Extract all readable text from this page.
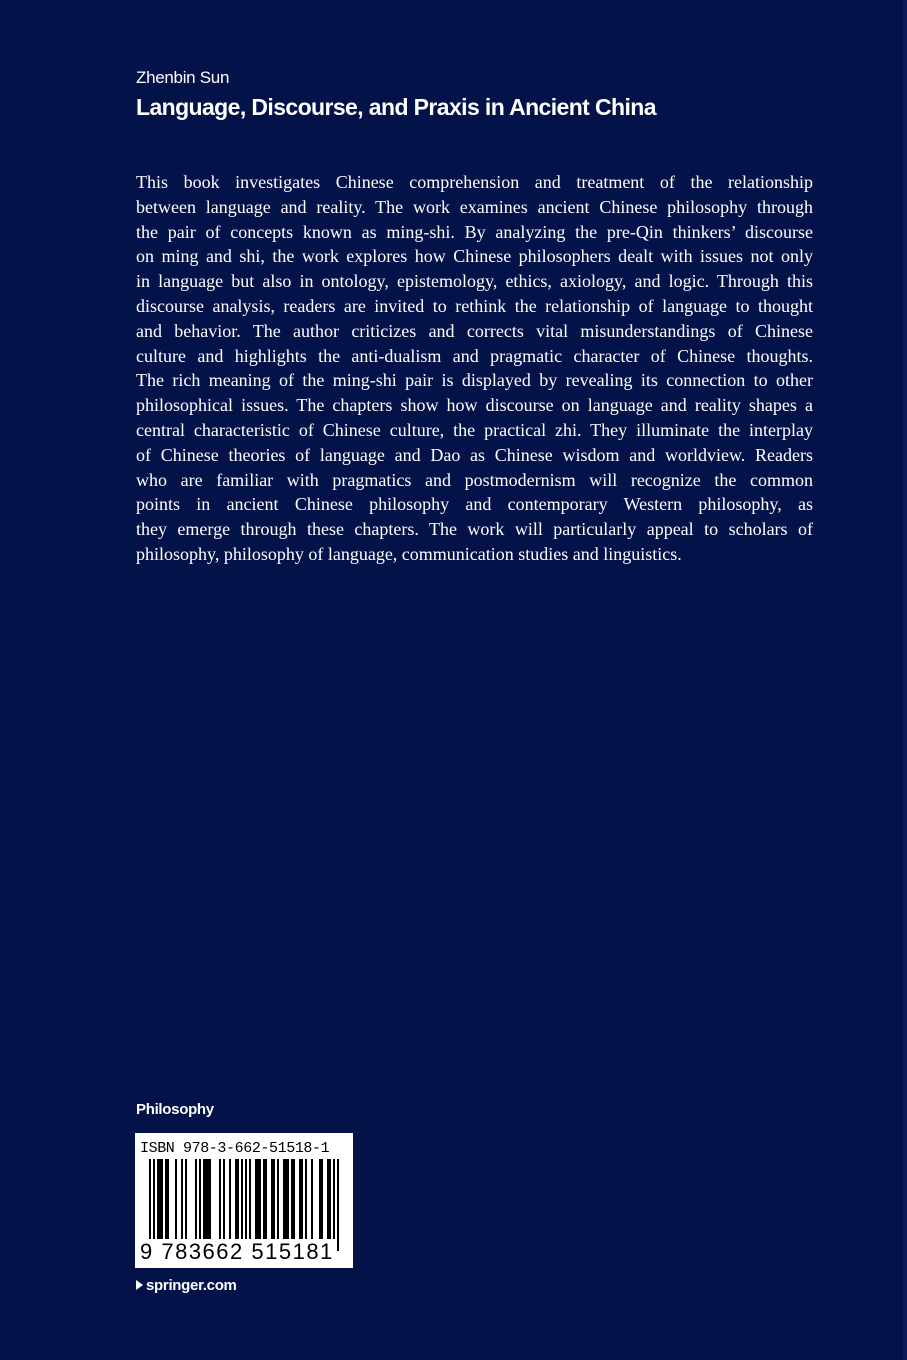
Zhenbin Sun
Language, Discourse, and Praxis in Ancient China
This book investigates Chinese comprehension and treatment of the relationship
between language and reality. The work examines ancient Chinese philosophy through
the pair of concepts known as ming-shi. By analyzing the pre-Qin thinkers’ discourse
on ming and shi, the work explores how Chinese philosophers dealt with issues not only
in language but also in ontology, epistemology, ethics, axiology, and logic. Through this
discourse analysis, readers are invited to rethink the relationship of language to thought
and behavior. The author criticizes and corrects vital misunderstandings of Chinese
culture and highlights the anti-dualism and pragmatic character of Chinese thoughts.
The rich meaning of the ming-shi pair is displayed by revealing its connection to other
philosophical issues. The chapters show how discourse on language and reality shapes a
central characteristic of Chinese culture, the practical zhi. They illuminate the interplay
of Chinese theories of language and Dao as Chinese wisdom and worldview. Readers
who are familiar with pragmatics and postmodernism will recognize the common
points in ancient Chinese philosophy and contemporary Western philosophy, as
they emerge through these chapters. The work will particularly appeal to scholars of
philosophy, philosophy of language, communication studies and linguistics.
Philosophy
ISBN 978-3-662-51518-1
9 783662 515181
springer.com
